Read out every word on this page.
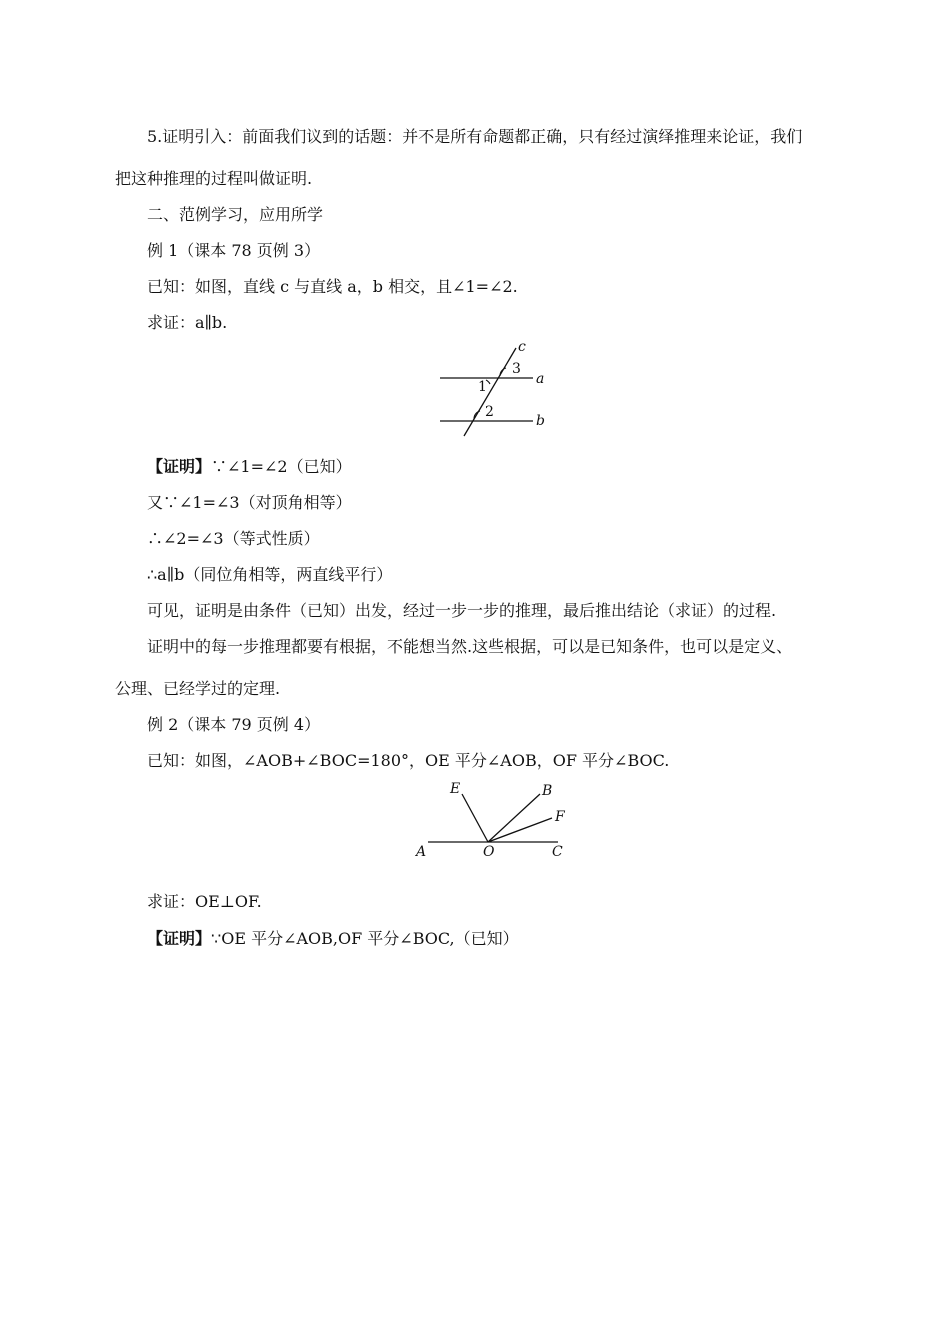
5.证明引入：前面我们议到的话题：并不是所有命题都正确，只有经过演绎推理来论证，我们
把这种推理的过程叫做证明.
二、范例学习，应用所学
例 1（课本 78 页例 3）
已知：如图，直线 c 与直线 a，b 相交，且∠1=∠2.
求证：a∥b.
c
a
b
1
3
2
【证明】∵∠1=∠2（已知）
又∵∠1=∠3（对顶角相等）
∴∠2=∠3（等式性质）
∴a∥b（同位角相等，两直线平行）
可见，证明是由条件（已知）出发，经过一步一步的推理，最后推出结论（求证）的过程.
证明中的每一步推理都要有根据，不能想当然.这些根据，可以是已知条件，也可以是定义、
公理、已经学过的定理.
例 2（课本 79 页例 4）
已知：如图，∠AOB+∠BOC=180°，OE 平分∠AOB，OF 平分∠BOC.
E	B
F
A	O	C
求证：OE⊥OF.
【证明】∵OE 平分∠AOB,OF 平分∠BOC,（已知）
